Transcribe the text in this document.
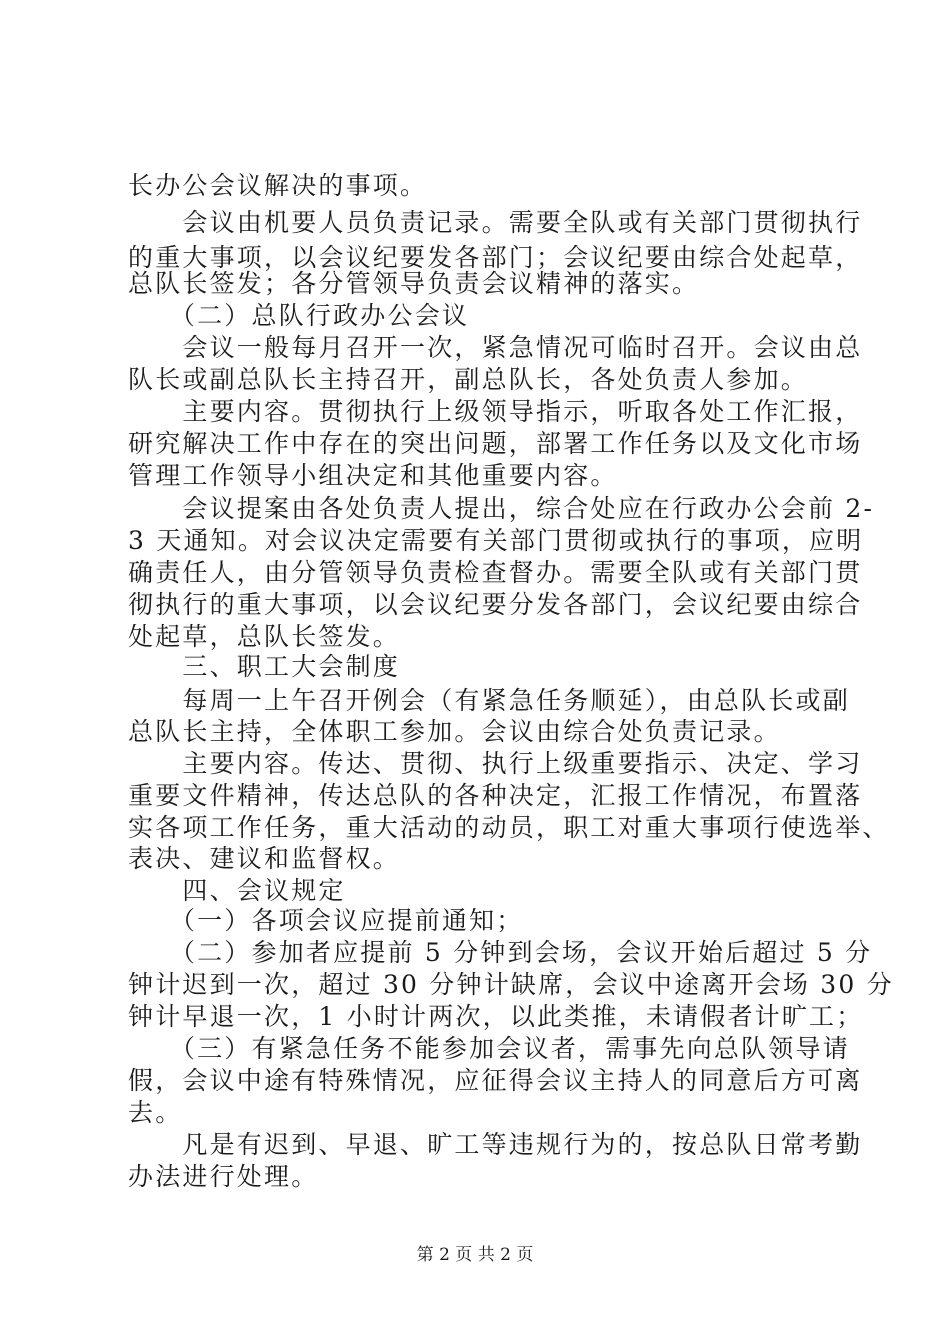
长办公会议解决的事项。
　　会议由机要人员负责记录。需要全队或有关部门贯彻执行
的重大事项，以会议纪要发各部门；会议纪要由综合处起草，
总队长签发；各分管领导负责会议精神的落实。
　　（二）总队行政办公会议
　　会议一般每月召开一次，紧急情况可临时召开。会议由总
队长或副总队长主持召开，副总队长，各处负责人参加。
　　主要内容。贯彻执行上级领导指示，听取各处工作汇报，
研究解决工作中存在的突出问题，部署工作任务以及文化市场
管理工作领导小组决定和其他重要内容。
　　会议提案由各处负责人提出，综合处应在行政办公会前 2-
3 天通知。对会议决定需要有关部门贯彻或执行的事项，应明
确责任人，由分管领导负责检查督办。需要全队或有关部门贯
彻执行的重大事项，以会议纪要分发各部门，会议纪要由综合
处起草，总队长签发。
　　三、职工大会制度
　　每周一上午召开例会（有紧急任务顺延），由总队长或副
总队长主持，全体职工参加。会议由综合处负责记录。
　　主要内容。传达、贯彻、执行上级重要指示、决定、学习
重要文件精神，传达总队的各种决定，汇报工作情况，布置落
实各项工作任务，重大活动的动员，职工对重大事项行使选举、
表决、建议和监督权。
　　四、会议规定
　　（一）各项会议应提前通知；
　　（二）参加者应提前 5 分钟到会场，会议开始后超过 5 分
钟计迟到一次，超过 30 分钟计缺席，会议中途离开会场 30 分
钟计早退一次，1 小时计两次，以此类推，未请假者计旷工；
　　（三）有紧急任务不能参加会议者，需事先向总队领导请
假，会议中途有特殊情况，应征得会议主持人的同意后方可离
去。
　　凡是有迟到、早退、旷工等违规行为的，按总队日常考勤
办法进行处理。
第 2 页 共 2 页
